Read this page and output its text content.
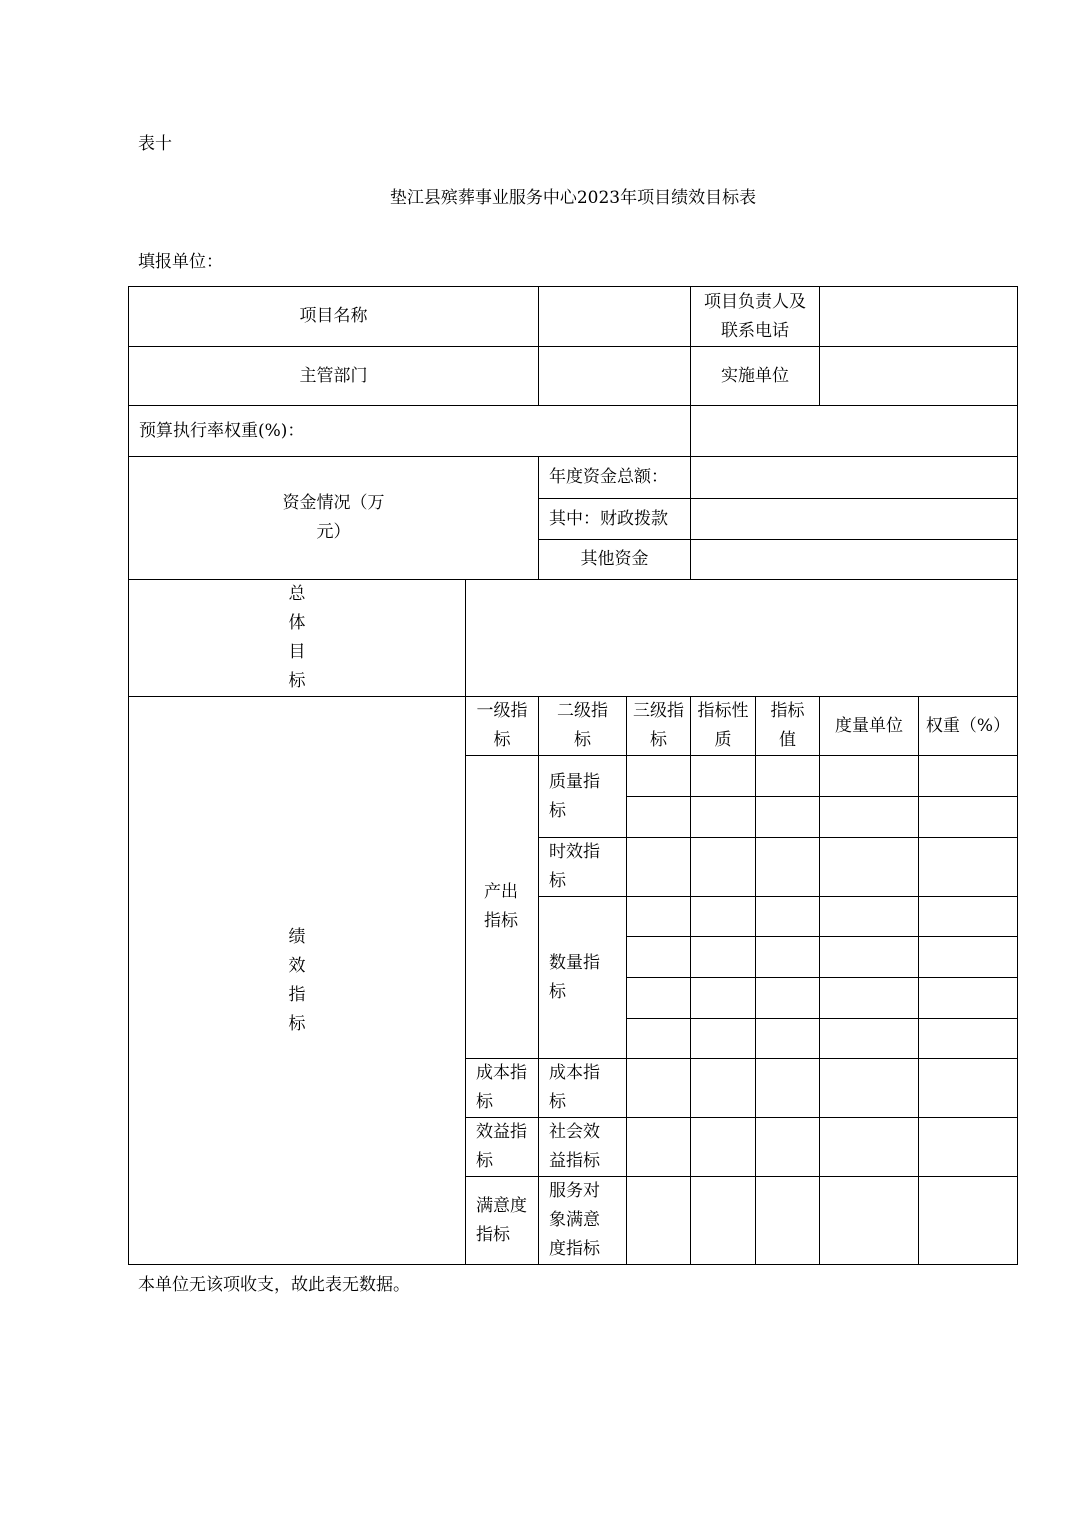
表十
垫江县殡葬事业服务中心2023年项目绩效目标表
填报单位：
项目名称				项目负责人及联系电话			
主管部门				实施单位			
预算执行率权重(%)：							

资金情况（万元）		年度资金总额：					
		其中：财政拨款					
		其他资金					
总体目标							
绩效指标	一级指标	二级指标	三级指标	指标性质	指标值	度量单位	权重（%）
	产出指标	质量指标					

		时效指标					
		数量指标					

	成本指标	成本指标					
	效益指标	社会效益指标					
	满意度指标	服务对象满意度指标					
本单位无该项收支，故此表无数据。
